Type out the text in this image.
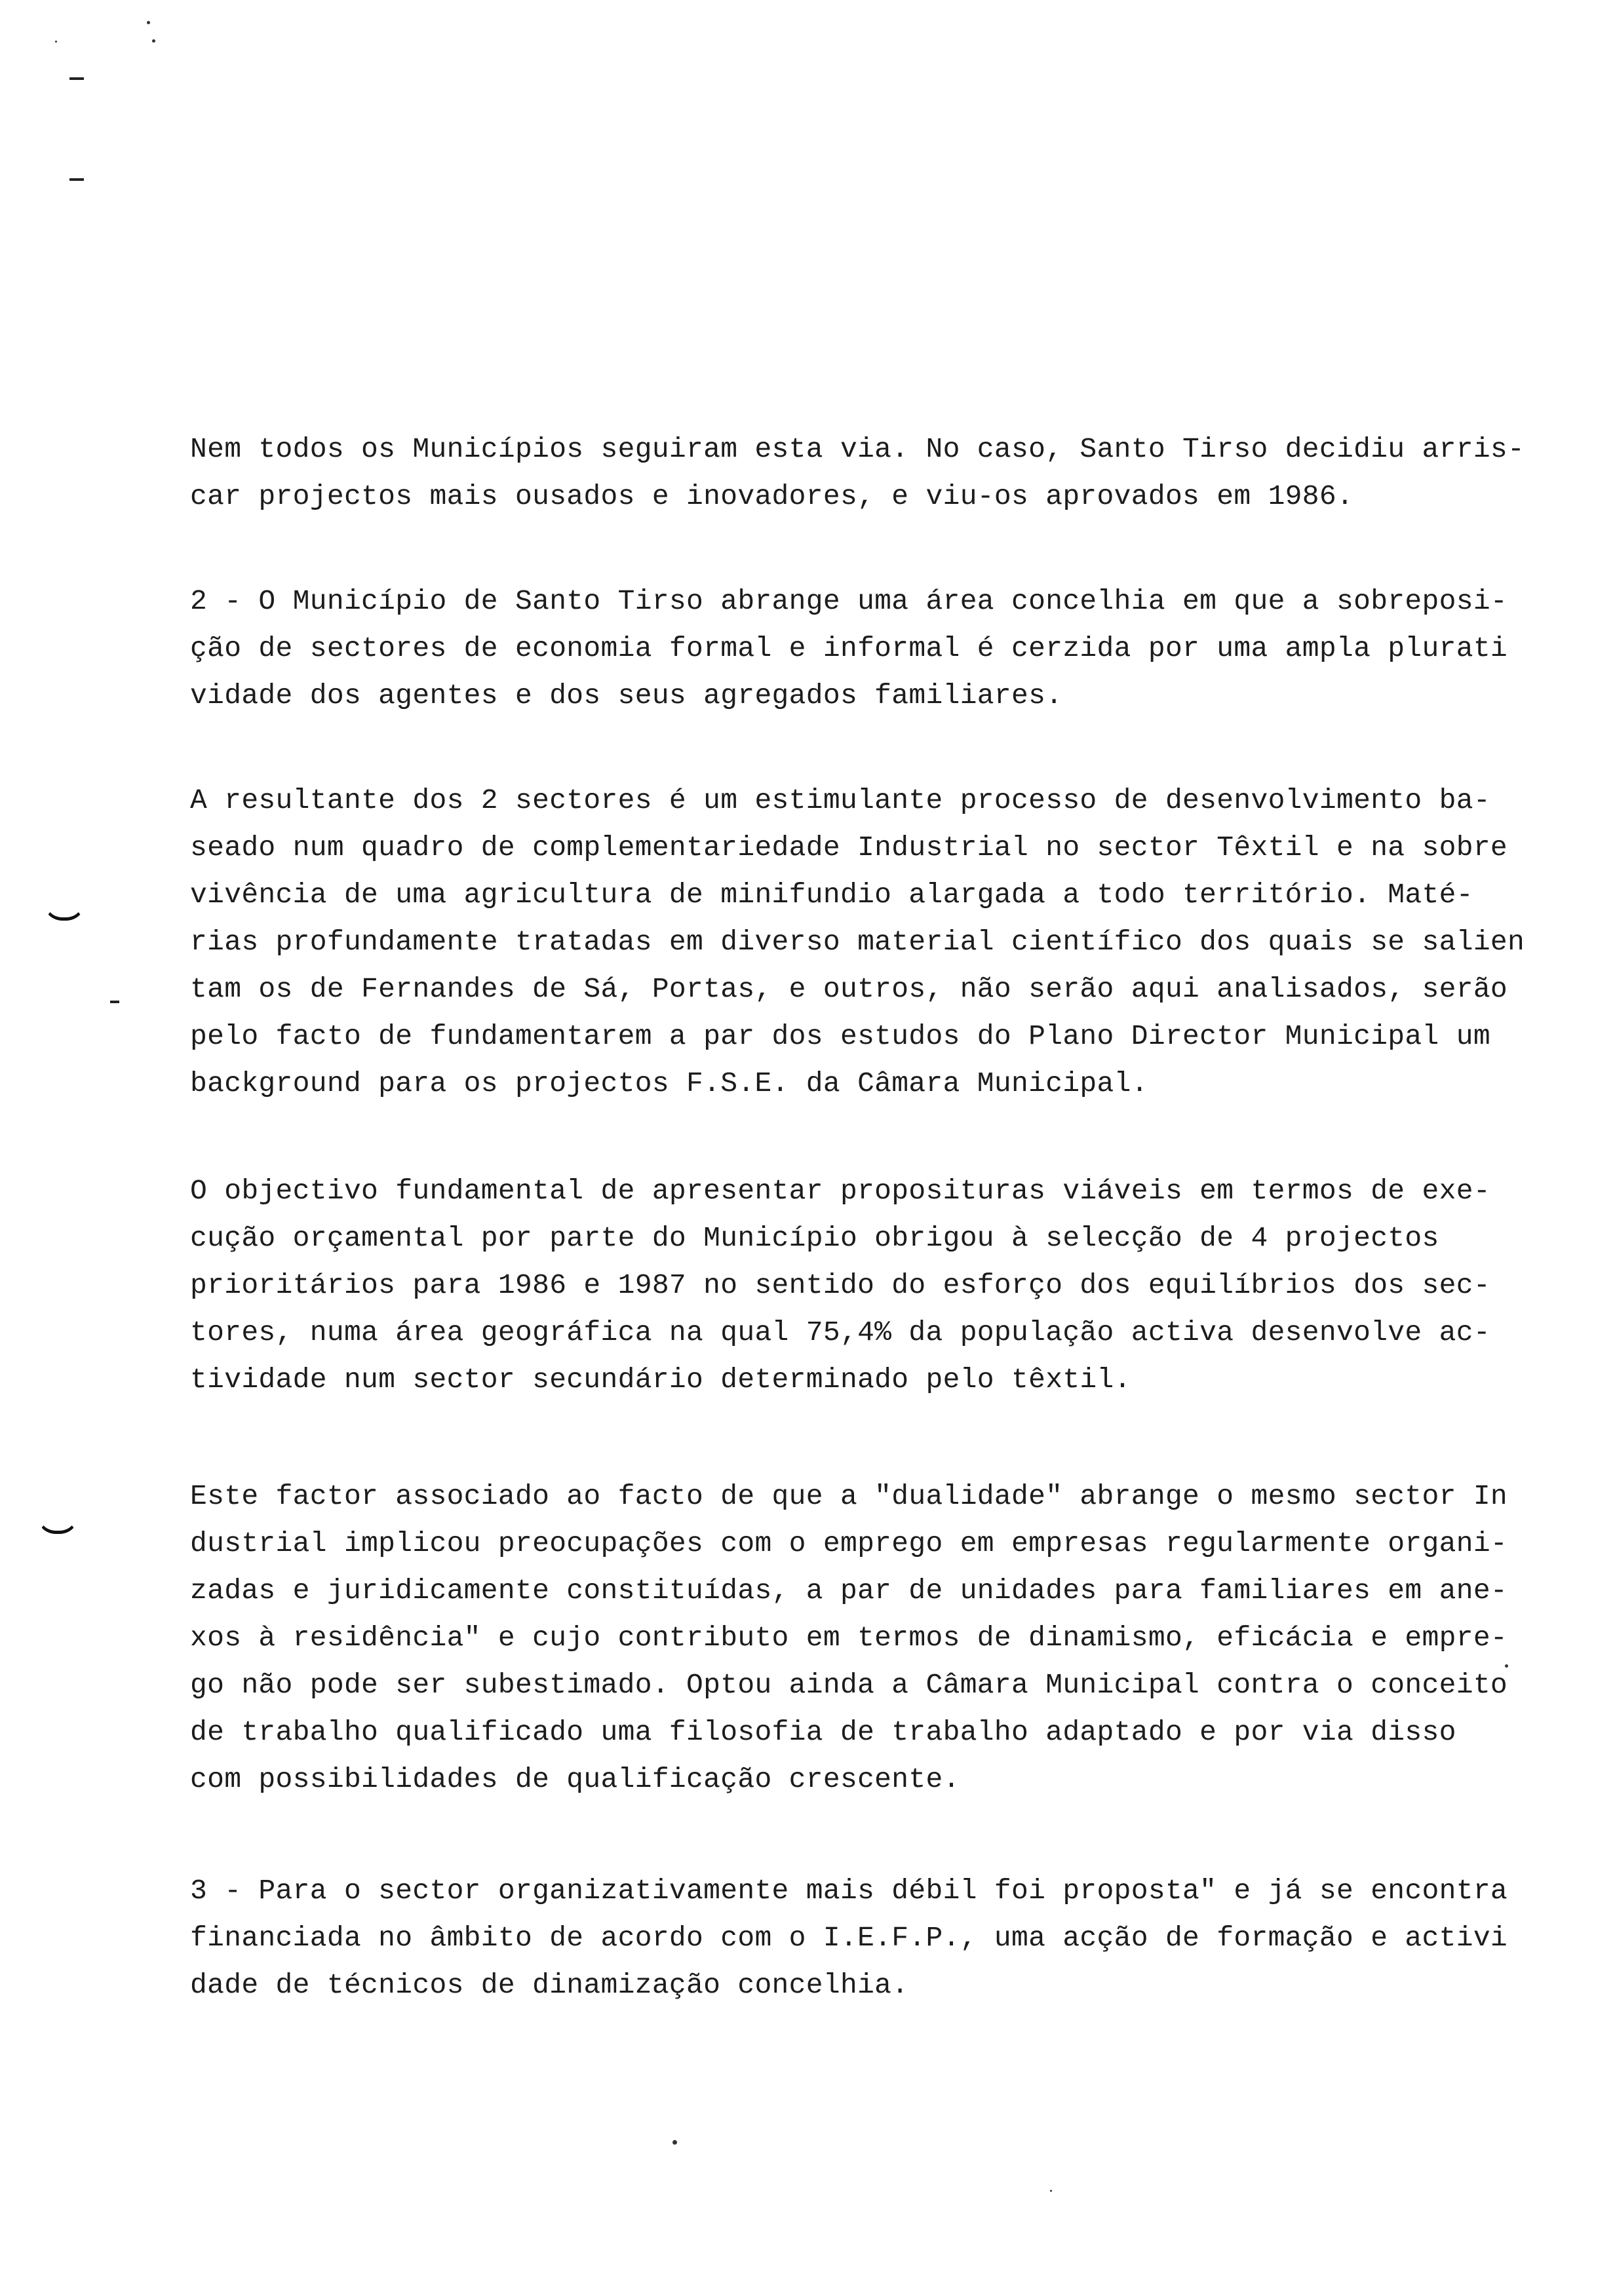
Nem todos os Municípios seguiram esta via. No caso, Santo Tirso decidiu arris-
car projectos mais ousados e inovadores, e viu-os aprovados em 1986.

2 - O Município de Santo Tirso abrange uma área concelhia em que a sobreposi-
ção de sectores de economia formal e informal é cerzida por uma ampla plurati
vidade dos agentes e dos seus agregados familiares.

A resultante dos 2 sectores é um estimulante processo de desenvolvimento ba-
seado num quadro de complementariedade Industrial no sector Têxtil e na sobre
vivência de uma agricultura de minifundio alargada a todo território. Maté-
rias profundamente tratadas em diverso material científico dos quais se salien
tam os de Fernandes de Sá, Portas, e outros, não serão aqui analisados, serão
pelo facto de fundamentarem a par dos estudos do Plano Director Municipal um
background para os projectos F.S.E. da Câmara Municipal.

O objectivo fundamental de apresentar proposituras viáveis em termos de exe-
cução orçamental por parte do Município obrigou à selecção de 4 projectos
prioritários para 1986 e 1987 no sentido do esforço dos equilíbrios dos sec-
tores, numa área geográfica na qual 75,4% da população activa desenvolve ac-
tividade num sector secundário determinado pelo têxtil.

Este factor associado ao facto de que a "dualidade" abrange o mesmo sector In
dustrial implicou preocupações com o emprego em empresas regularmente organi-
zadas e juridicamente constituídas, a par de unidades para familiares em ane-
xos à residência" e cujo contributo em termos de dinamismo, eficácia e empre-
go não pode ser subestimado. Optou ainda a Câmara Municipal contra o conceito
de trabalho qualificado uma filosofia de trabalho adaptado e por via disso
com possibilidades de qualificação crescente.

3 - Para o sector organizativamente mais débil foi proposta" e já se encontra
financiada no âmbito de acordo com o I.E.F.P., uma acção de formação e activi
dade de técnicos de dinamização concelhia.
